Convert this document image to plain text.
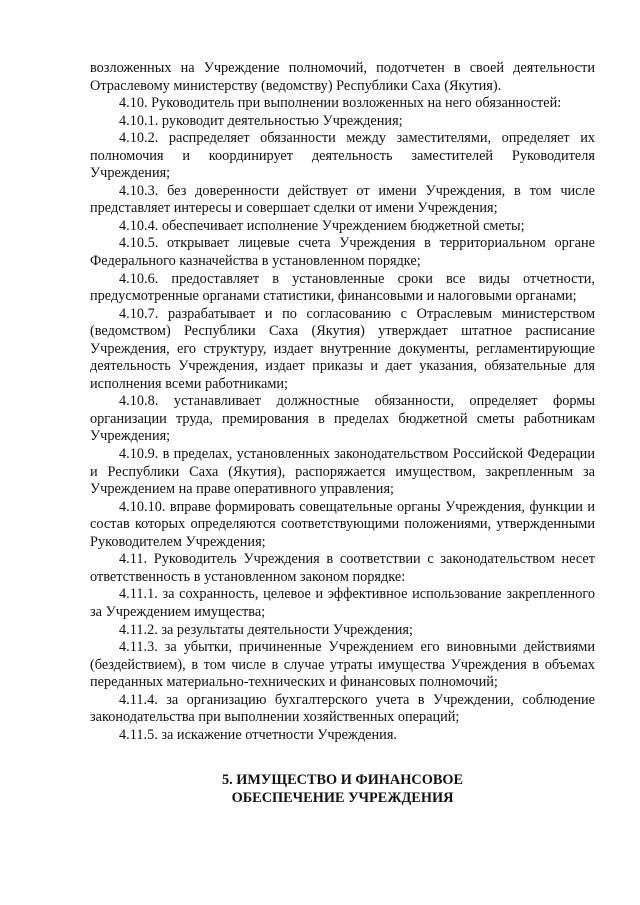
возложенных на Учреждение полномочий, подотчетен в своей деятельности Отраслевому министерству (ведомству) Республики Саха (Якутия).

4.10. Руководитель при выполнении возложенных на него обязанностей:

4.10.1. руководит деятельностью Учреждения;

4.10.2. распределяет обязанности между заместителями, определяет их полномочия и координирует деятельность заместителей Руководителя Учреждения;

4.10.3. без доверенности действует от имени Учреждения, в том числе представляет интересы и совершает сделки от имени Учреждения;

4.10.4. обеспечивает исполнение Учреждением бюджетной сметы;

4.10.5. открывает лицевые счета Учреждения в территориальном органе Федерального казначейства в установленном порядке;

4.10.6. предоставляет в установленные сроки все виды отчетности, предусмотренные органами статистики, финансовыми и налоговыми органами;

4.10.7. разрабатывает и по согласованию с Отраслевым министерством (ведомством) Республики Саха (Якутия) утверждает штатное расписание Учреждения, его структуру, издает внутренние документы, регламентирующие деятельность Учреждения, издает приказы и дает указания, обязательные для исполнения всеми работниками;

4.10.8. устанавливает должностные обязанности, определяет формы организации труда, премирования в пределах бюджетной сметы работникам Учреждения;

4.10.9. в пределах, установленных законодательством Российской Федерации и Республики Саха (Якутия), распоряжается имуществом, закрепленным за Учреждением на праве оперативного управления;

4.10.10. вправе формировать совещательные органы Учреждения, функции и состав которых определяются соответствующими положениями, утвержденными Руководителем Учреждения;

4.11. Руководитель Учреждения в соответствии с законодательством несет ответственность в установленном законом порядке:

4.11.1. за сохранность, целевое и эффективное использование закрепленного за Учреждением имущества;

4.11.2. за результаты деятельности Учреждения;

4.11.3. за убытки, причиненные Учреждением его виновными действиями (бездействием), в том числе в случае утраты имущества Учреждения в объемах переданных материально-технических и финансовых полномочий;

4.11.4. за организацию бухгалтерского учета в Учреждении, соблюдение законодательства при выполнении хозяйственных операций;

4.11.5. за искажение отчетности Учреждения.

5. ИМУЩЕСТВО И ФИНАНСОВОЕ
ОБЕСПЕЧЕНИЕ УЧРЕЖДЕНИЯ
